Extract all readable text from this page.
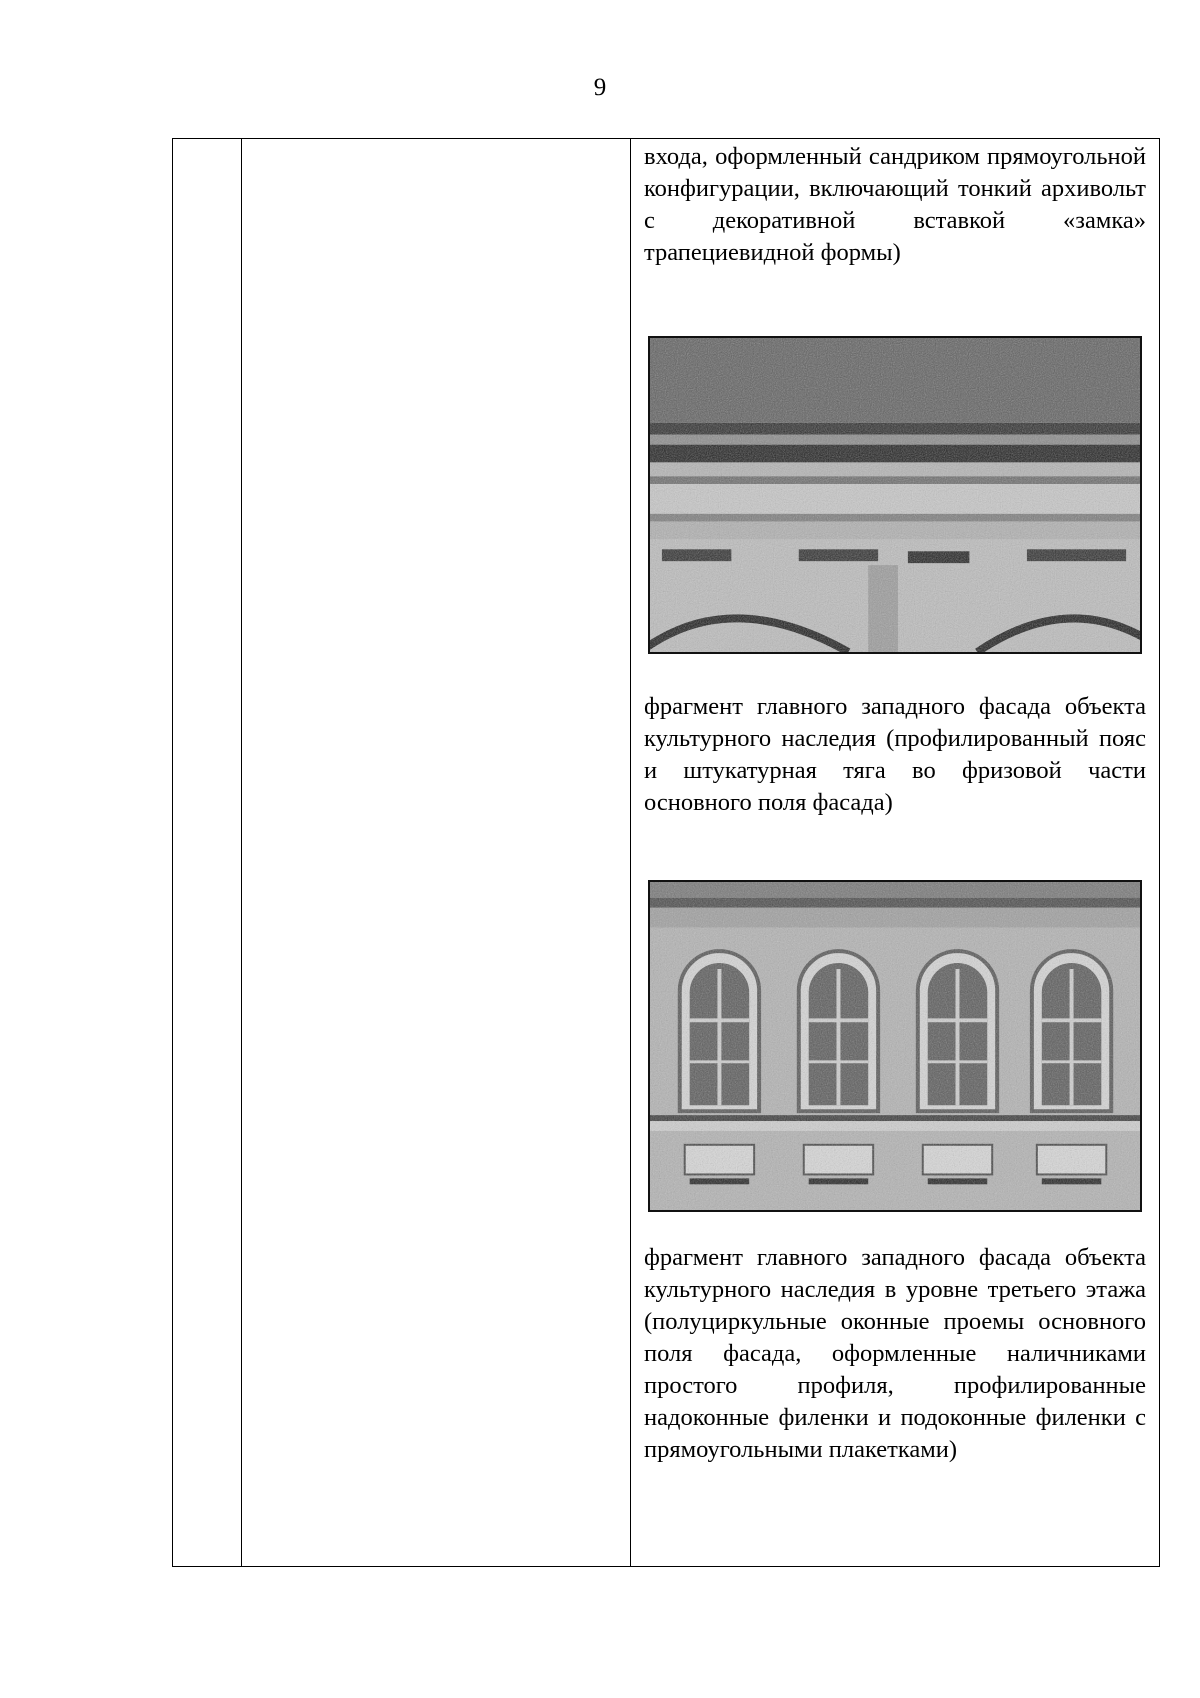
9
входа, оформленный сандриком прямоугольной конфигурации, включающий тонкий архивольт с декоративной вставкой «замка» трапециевидной формы)
фрагмент главного западного фасада объекта культурного наследия (профилированный пояс и штукатурная тяга во фризовой части основного поля фасада)
фрагмент главного западного фасада объекта культурного наследия в уровне третьего этажа (полуциркульные оконные проемы основного поля фасада, оформленные наличниками простого профиля, профилированные надоконные филенки и подоконные филенки с прямоугольными плакетками)
